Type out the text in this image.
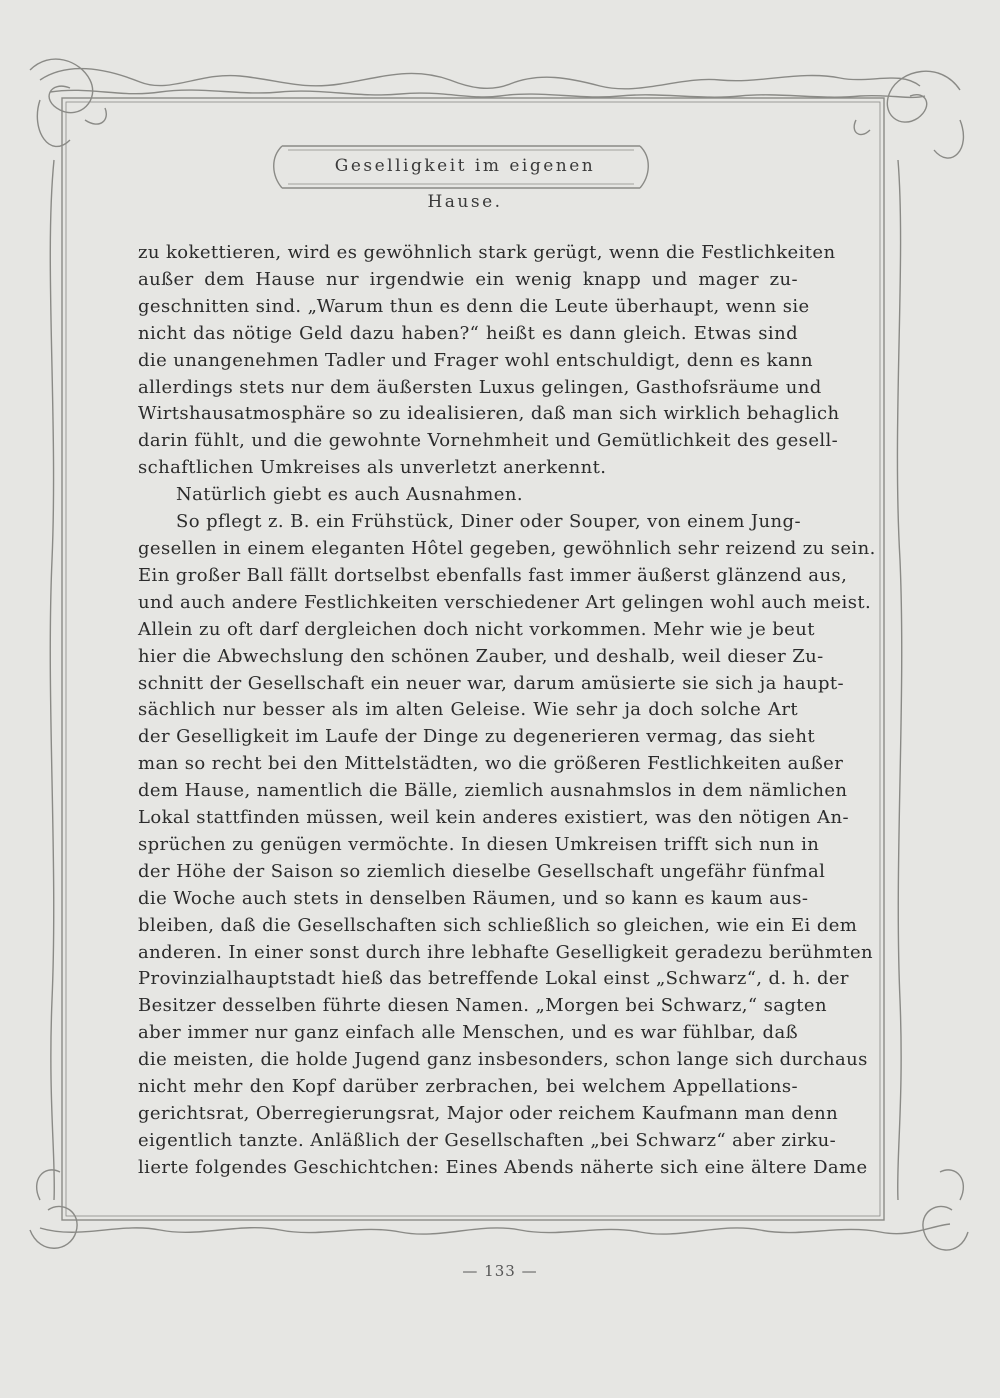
Geselligkeit im eigenen Hause.
zu kokettieren, wird es gewöhnlich stark gerügt, wenn die Festlichkeiten
außer dem Hause nur irgendwie ein wenig knapp und mager zu-
geschnitten sind. „Warum thun es denn die Leute überhaupt, wenn sie
nicht das nötige Geld dazu haben?“ heißt es dann gleich. Etwas sind
die unangenehmen Tadler und Frager wohl entschuldigt, denn es kann
allerdings stets nur dem äußersten Luxus gelingen, Gasthofsräume und
Wirtshausatmosphäre so zu idealisieren, daß man sich wirklich behaglich
darin fühlt, und die gewohnte Vornehmheit und Gemütlichkeit des gesell-
schaftlichen Umkreises als unverletzt anerkennt.
Natürlich giebt es auch Ausnahmen.
So pflegt z. B. ein Frühstück, Diner oder Souper, von einem Jung-
gesellen in einem eleganten Hôtel gegeben, gewöhnlich sehr reizend zu sein.
Ein großer Ball fällt dortselbst ebenfalls fast immer äußerst glänzend aus,
und auch andere Festlichkeiten verschiedener Art gelingen wohl auch meist.
Allein zu oft darf dergleichen doch nicht vorkommen. Mehr wie je beut
hier die Abwechslung den schönen Zauber, und deshalb, weil dieser Zu-
schnitt der Gesellschaft ein neuer war, darum amüsierte sie sich ja haupt-
sächlich nur besser als im alten Geleise. Wie sehr ja doch solche Art
der Geselligkeit im Laufe der Dinge zu degenerieren vermag, das sieht
man so recht bei den Mittelstädten, wo die größeren Festlichkeiten außer
dem Hause, namentlich die Bälle, ziemlich ausnahmslos in dem nämlichen
Lokal stattfinden müssen, weil kein anderes existiert, was den nötigen An-
sprüchen zu genügen vermöchte. In diesen Umkreisen trifft sich nun in
der Höhe der Saison so ziemlich dieselbe Gesellschaft ungefähr fünfmal
die Woche auch stets in denselben Räumen, und so kann es kaum aus-
bleiben, daß die Gesellschaften sich schließlich so gleichen, wie ein Ei dem
anderen. In einer sonst durch ihre lebhafte Geselligkeit geradezu berühmten
Provinzialhauptstadt hieß das betreffende Lokal einst „Schwarz“, d. h. der
Besitzer desselben führte diesen Namen. „Morgen bei Schwarz,“ sagten
aber immer nur ganz einfach alle Menschen, und es war fühlbar, daß
die meisten, die holde Jugend ganz insbesonders, schon lange sich durchaus
nicht mehr den Kopf darüber zerbrachen, bei welchem Appellations-
gerichtsrat, Oberregierungsrat, Major oder reichem Kaufmann man denn
eigentlich tanzte. Anläßlich der Gesellschaften „bei Schwarz“ aber zirku-
lierte folgendes Geschichtchen: Eines Abends näherte sich eine ältere Dame
— 133 —
